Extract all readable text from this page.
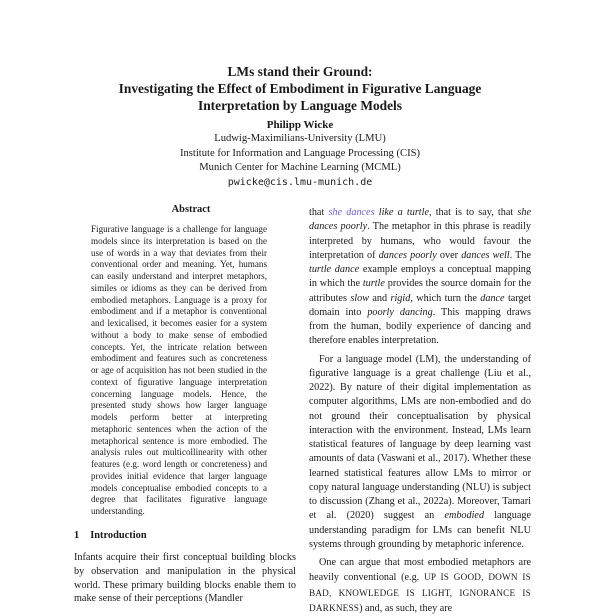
LMs stand their Ground:
Investigating the Effect of Embodiment in Figurative Language
Interpretation by Language Models
Philipp Wicke
Ludwig-Maximilians-University (LMU)
Institute for Information and Language Processing (CIS)
Munich Center for Machine Learning (MCML)
pwicke@cis.lmu-munich.de
Abstract
Figurative language is a challenge for language models since its interpretation is based on the use of words in a way that deviates from their conventional order and meaning. Yet, humans can easily understand and interpret metaphors, similes or idioms as they can be derived from embodied metaphors. Language is a proxy for embodiment and if a metaphor is conventional and lexicalised, it becomes easier for a system without a body to make sense of embodied concepts. Yet, the intricate relation between embodiment and features such as concreteness or age of acquisition has not been studied in the context of figurative language interpretation concerning language models. Hence, the presented study shows how larger language models perform better at interpreting metaphoric sentences when the action of the metaphorical sentence is more embodied. The analysis rules out multicollinearity with other features (e.g. word length or concreteness) and provides initial evidence that larger language models conceptualise embodied concepts to a degree that facilitates figurative language understanding.
1 Introduction
Infants acquire their first conceptual building blocks by observation and manipulation in the physical world. These primary building blocks enable them to make sense of their perceptions (Mandler

that she dances like a turtle, that is to say, that she dances poorly. The metaphor in this phrase is readily interpreted by humans, who would favour the interpretation of dances poorly over dances well. The turtle dance example employs a conceptual mapping in which the turtle provides the source domain for the attributes slow and rigid, which turn the dance target domain into poorly dancing. This mapping draws from the human, bodily experience of dancing and therefore enables interpretation.

For a language model (LM), the understanding of figurative language is a great challenge (Liu et al., 2022). By nature of their digital implementation as computer algorithms, LMs are non-embodied and do not ground their conceptualisation by physical interaction with the environment. Instead, LMs learn statistical features of language by deep learning vast amounts of data (Vaswani et al., 2017). Whether these learned statistical features allow LMs to mirror or copy natural language understanding (NLU) is subject to discussion (Zhang et al., 2022a). Moreover, Tamari et al. (2020) suggest an embodied language understanding paradigm for LMs can benefit NLU systems through grounding by metaphoric inference.

One can argue that most embodied metaphors are heavily conventional (e.g. UP IS GOOD, DOWN IS BAD, KNOWLEDGE IS LIGHT, IGNORANCE IS DARKNESS) and, as such, they are
